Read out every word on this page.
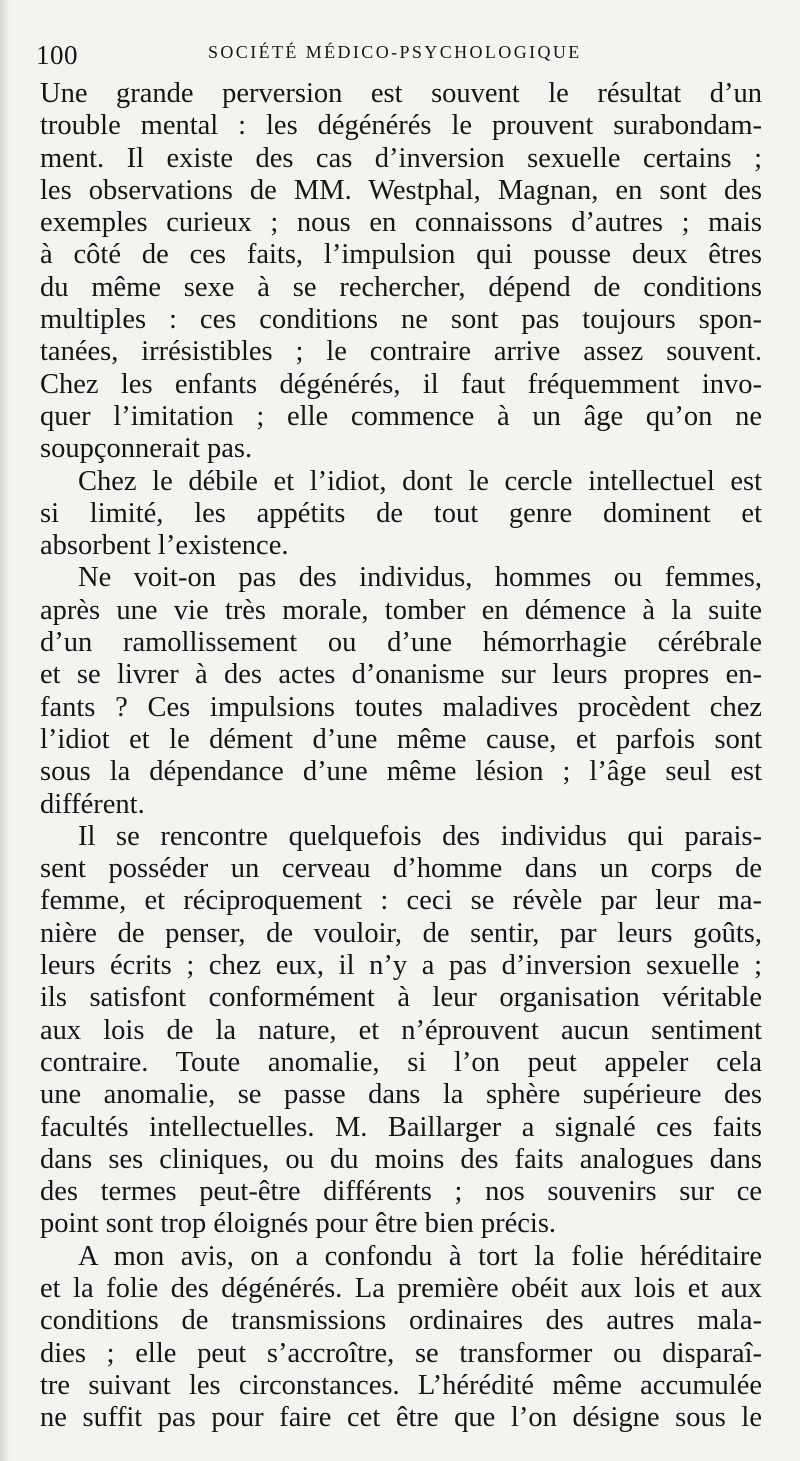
100	SOCIÉTÉ MÉDICO-PSYCHOLOGIQUE
Une grande perversion est souvent le résultat d’un
trouble mental : les dégénérés le prouvent surabondam-
ment. Il existe des cas d’inversion sexuelle certains ;
les observations de MM. Westphal, Magnan, en sont des
exemples curieux ; nous en connaissons d’autres ; mais
à côté de ces faits, l’impulsion qui pousse deux êtres
du même sexe à se rechercher, dépend de conditions
multiples : ces conditions ne sont pas toujours spon-
tanées, irrésistibles ; le contraire arrive assez souvent.
Chez les enfants dégénérés, il faut fréquemment invo-
quer l’imitation ; elle commence à un âge qu’on ne
soupçonnerait pas.
Chez le débile et l’idiot, dont le cercle intellectuel est
si limité, les appétits de tout genre dominent et
absorbent l’existence.
Ne voit-on pas des individus, hommes ou femmes,
après une vie très morale, tomber en démence à la suite
d’un ramollissement ou d’une hémorrhagie cérébrale
et se livrer à des actes d’onanisme sur leurs propres en-
fants ? Ces impulsions toutes maladives procèdent chez
l’idiot et le dément d’une même cause, et parfois sont
sous la dépendance d’une même lésion ; l’âge seul est
différent.
Il se rencontre quelquefois des individus qui parais-
sent posséder un cerveau d’homme dans un corps de
femme, et réciproquement : ceci se révèle par leur ma-
nière de penser, de vouloir, de sentir, par leurs goûts,
leurs écrits ; chez eux, il n’y a pas d’inversion sexuelle ;
ils satisfont conformément à leur organisation véritable
aux lois de la nature, et n’éprouvent aucun sentiment
contraire. Toute anomalie, si l’on peut appeler cela
une anomalie, se passe dans la sphère supérieure des
facultés intellectuelles. M. Baillarger a signalé ces faits
dans ses cliniques, ou du moins des faits analogues dans
des termes peut-être différents ; nos souvenirs sur ce
point sont trop éloignés pour être bien précis.
A mon avis, on a confondu à tort la folie héréditaire
et la folie des dégénérés. La première obéit aux lois et aux
conditions de transmissions ordinaires des autres mala-
dies ; elle peut s’accroître, se transformer ou disparaî-
tre suivant les circonstances. L’hérédité même accumulée
ne suffit pas pour faire cet être que l’on désigne sous le
